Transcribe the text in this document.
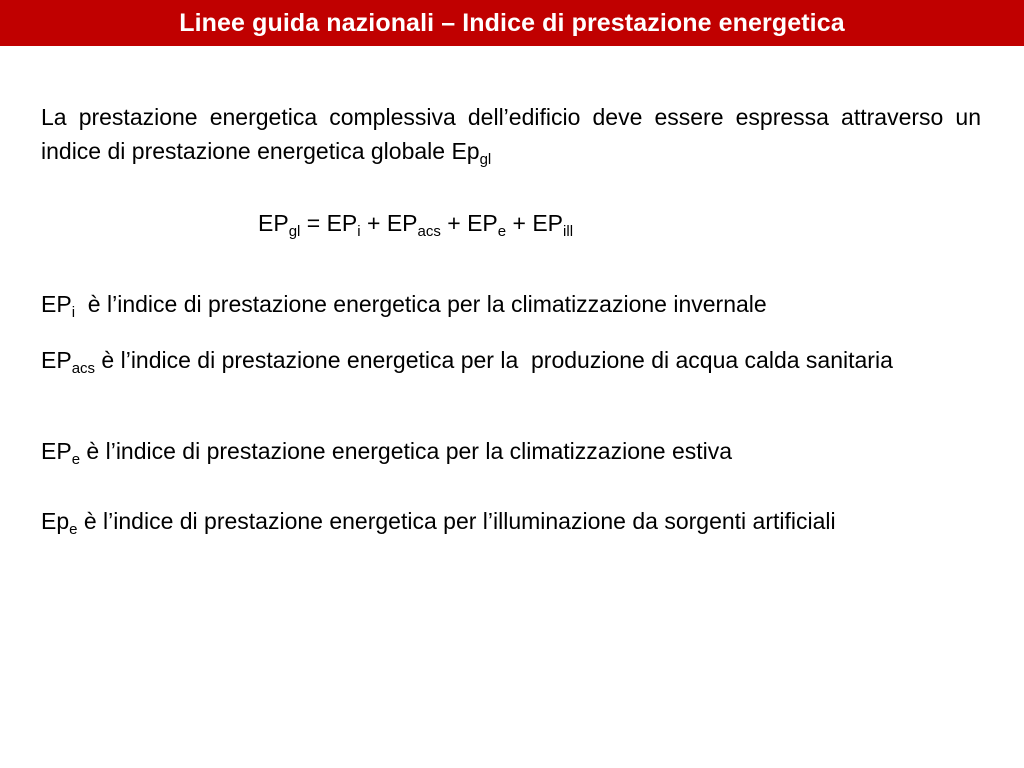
Linee guida nazionali – Indice di prestazione energetica

La prestazione energetica complessiva dell’edificio deve essere espressa attraverso un indice di prestazione energetica globale $Ep_{gl}$

$EP_{gl} = EP_i + EP_{acs} + EP_e + EP_{ill}$

$EP_i$  è l’indice di prestazione energetica per la climatizzazione invernale

$EP_{acs}$ è l’indice di prestazione energetica per la  produzione di acqua calda sanitaria

$EP_e$ è l’indice di prestazione energetica per la climatizzazione estiva

$Ep_e$ è l’indice di prestazione energetica per l’illuminazione da sorgenti artificiali
